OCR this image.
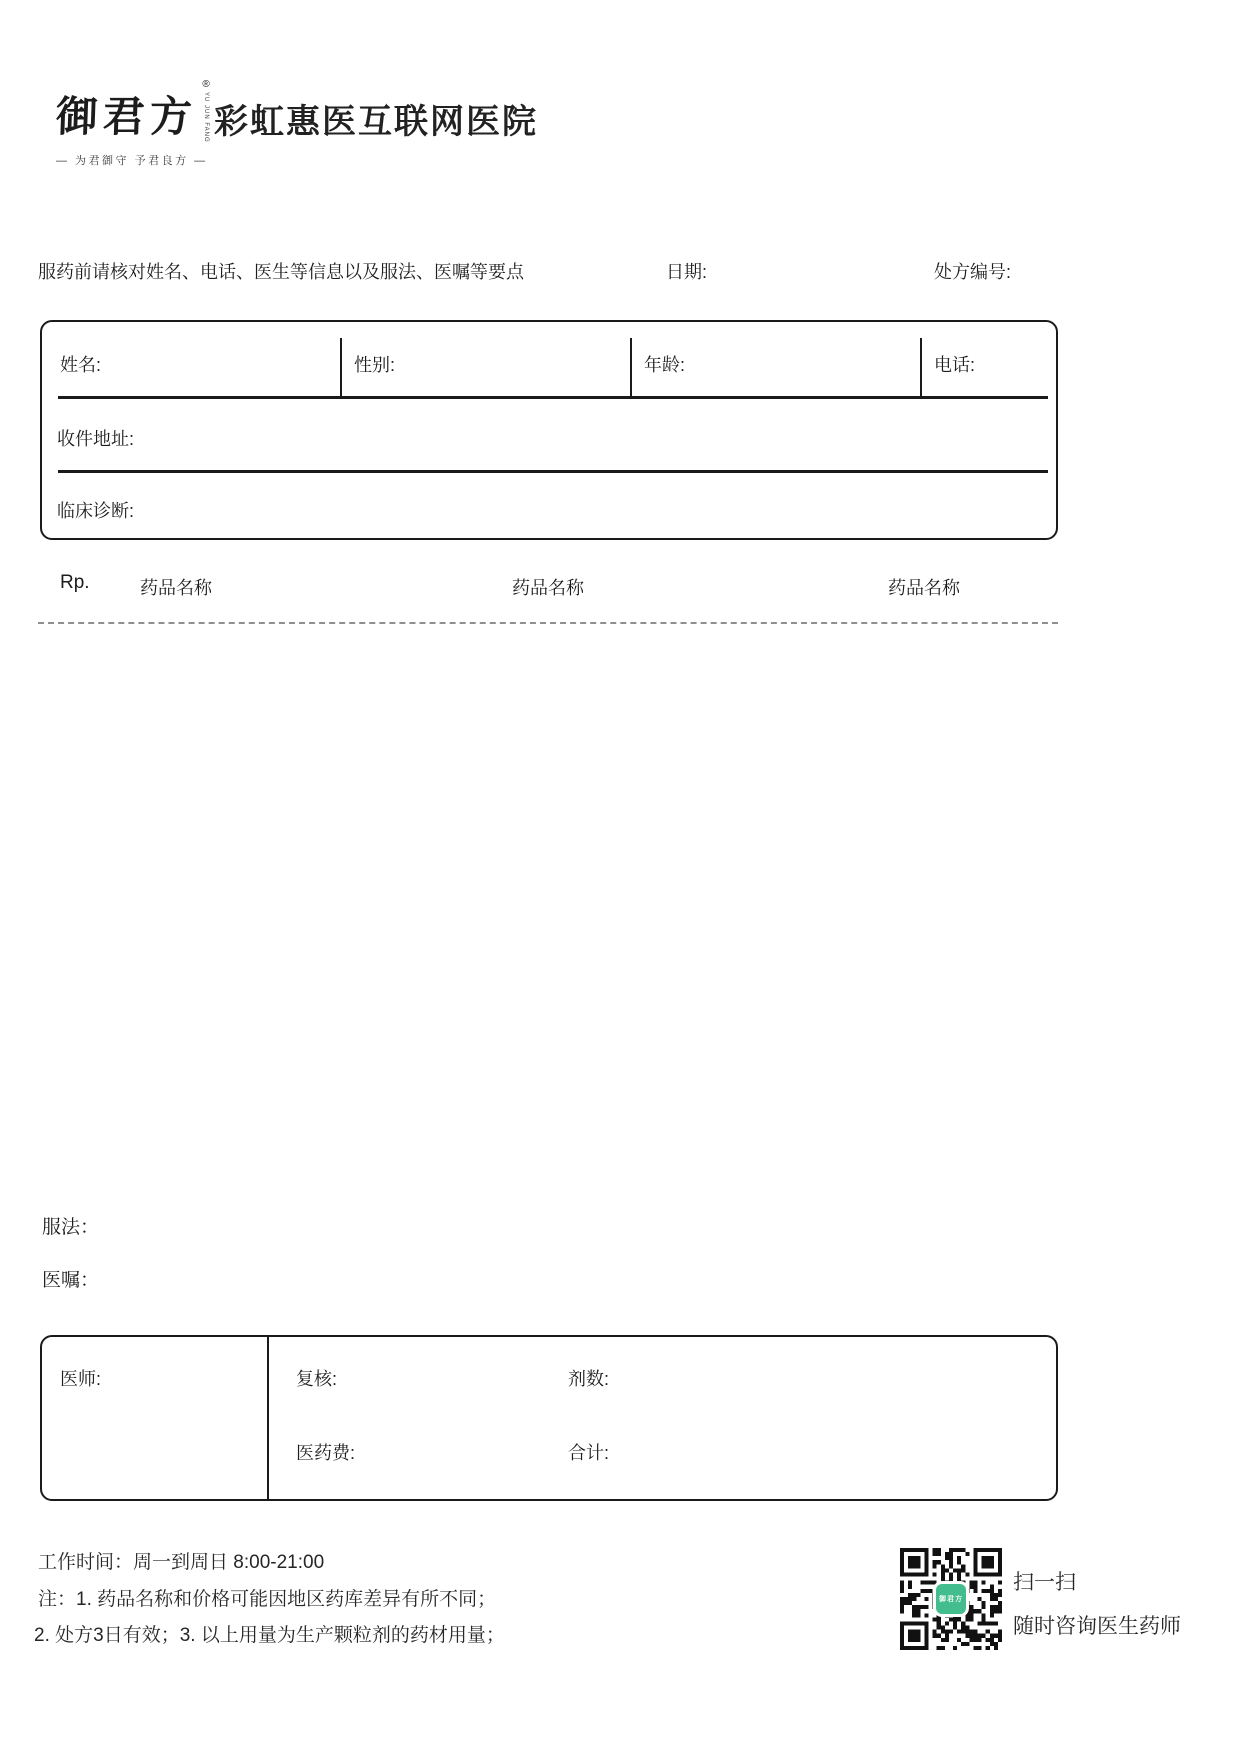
御君方
®
YU JUN FANG
— 为君御守 予君良方 —
彩虹惠医互联网医院
服药前请核对姓名、电话、医生等信息以及服法、医嘱等要点	日期:	处方编号:
姓名:	性别:	年龄:	电话:
收件地址:
临床诊断:
Rp.	药品名称	药品名称	药品名称
服法：
医嘱：
医师:	复核:	剂数:
医药费:	合计:
工作时间：周一到周日 8:00-21:00
注：1. 药品名称和价格可能因地区药库差异有所不同；
2. 处方3日有效；3. 以上用量为生产颗粒剂的药材用量；
御君方
扫一扫
随时咨询医生药师
